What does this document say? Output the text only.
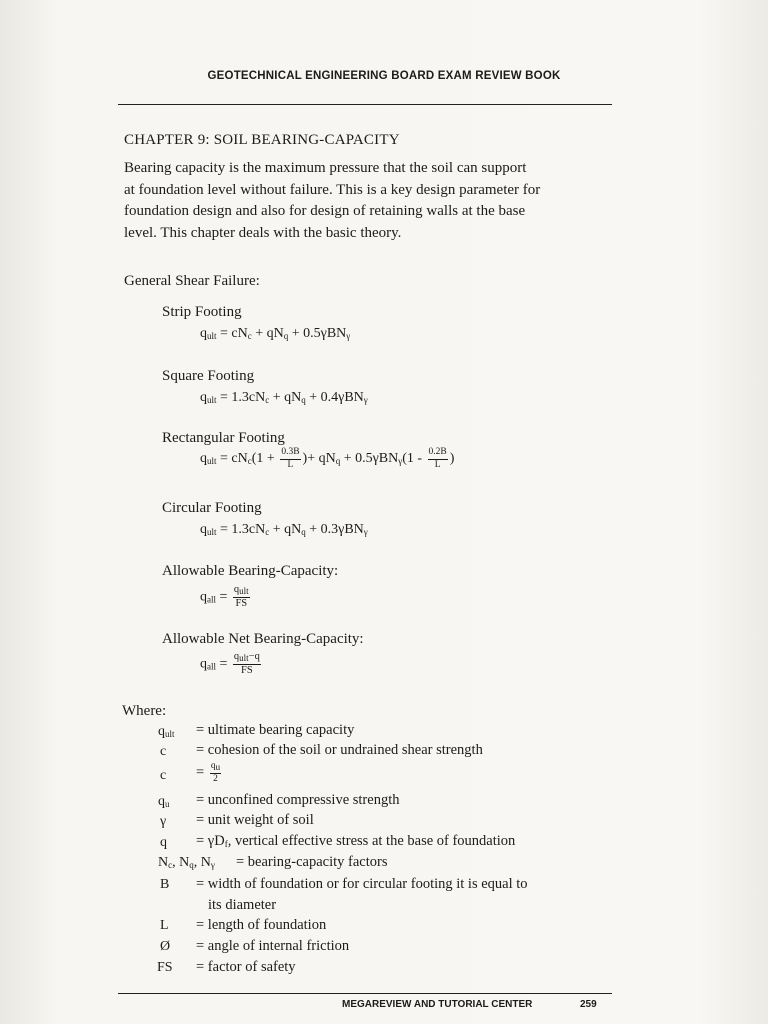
GEOTECHNICAL ENGINEERING BOARD EXAM REVIEW BOOK
CHAPTER 9: SOIL BEARING-CAPACITY
Bearing capacity is the maximum pressure that the soil can support
at foundation level without failure. This is a key design parameter for
foundation design and also for design of retaining walls at the base
level. This chapter deals with the basic theory.
General Shear Failure:
Strip Footing
$q_{ult} = cN_c + qN_q + 0.5\gamma BN_\gamma$
Square Footing
$q_{ult} = 1.3cN_c + qN_q + 0.4\gamma BN_\gamma$
Rectangular Footing
$q_{ult} = cN_c(1 + \frac{0.3B}{L}$ )+ $qN_q + 0.5\gamma BN_\gamma(1 - \frac{0.2B}{L}$ )
Circular Footing
$q_{ult} = 1.3cN_c + qN_q + 0.3\gamma BN_\gamma$
Allowable Bearing-Capacity:
$q_{all} = \frac{q_{ult}}{FS}$
Allowable Net Bearing-Capacity:
$q_{all} = \frac{q_{ult}-q}{FS}$
Where:
$q_{ult}$ = ultimate bearing capacity
c = cohesion of the soil or undrained shear strength
$c = \frac{q_u}{2}$
$q_u$ = unconfined compressive strength
γ = unit weight of soil
$q = \gamma D_f$, vertical effective stress at the base of foundation
$N_c$, $N_q$, $N_\gamma$ = bearing-capacity factors
B = width of foundation or for circular footing it is equal to
its diameter
L = length of foundation
Ø = angle of internal friction
FS = factor of safety
MEGAREVIEW AND TUTORIAL CENTER	259
